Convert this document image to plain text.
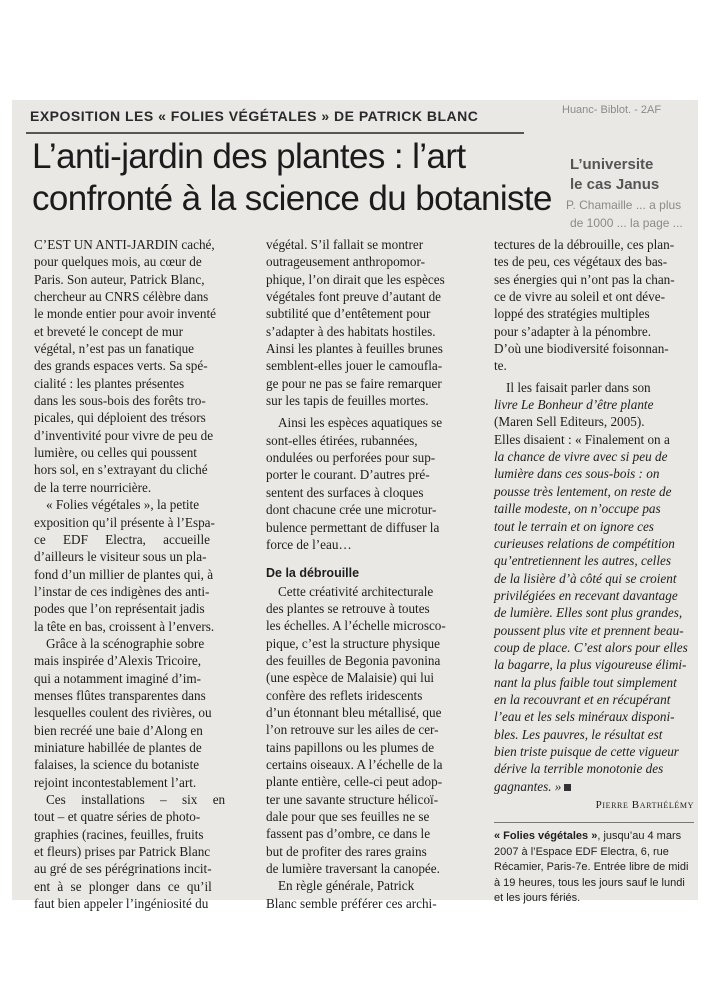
Huanc- Biblot. - 2AF
L’universite
le cas Janus
P. Chamaille ... a plus
de 1000 ... la page ...
EXPOSITION LES « FOLIES VÉGÉTALES » DE PATRICK BLANC
L’anti-jardin des plantes : l’art
confronté à la science du botaniste
C’EST UN ANTI-JARDIN caché,
pour quelques mois, au cœur de
Paris. Son auteur, Patrick Blanc,
chercheur au CNRS célèbre dans
le monde entier pour avoir inventé
et breveté le concept de mur
végétal, n’est pas un fanatique
des grands espaces verts. Sa spé-
cialité : les plantes présentes
dans les sous-bois des forêts tro-
picales, qui déploient des trésors
d’inventivité pour vivre de peu de
lumière, ou celles qui poussent
hors sol, en s’extrayant du cliché
de la terre nourricière.
« Folies végétales », la petite
exposition qu’il présente à l’Espa-
ce EDF Electra, accueille
d’ailleurs le visiteur sous un pla-
fond d’un millier de plantes qui, à
l’instar de ces indigènes des anti-
podes que l’on représentait jadis
la tête en bas, croissent à l’envers.
Grâce à la scénographie sobre
mais inspirée d’Alexis Tricoire,
qui a notamment imaginé d’im-
menses flûtes transparentes dans
lesquelles coulent des rivières, ou
bien recréé une baie d’Along en
miniature habillée de plantes de
falaises, la science du botaniste
rejoint incontestablement l’art.
Ces installations – six en
tout – et quatre séries de photo-
graphies (racines, feuilles, fruits
et fleurs) prises par Patrick Blanc
au gré de ses pérégrinations incit-
ent à se plonger dans ce qu’il
faut bien appeler l’ingéniosité du
végétal. S’il fallait se montrer
outrageusement anthropomor-
phique, l’on dirait que les espèces
végétales font preuve d’autant de
subtilité que d’entêtement pour
s’adapter à des habitats hostiles.
Ainsi les plantes à feuilles brunes
semblent-elles jouer le camoufla-
ge pour ne pas se faire remarquer
sur les tapis de feuilles mortes.
Ainsi les espèces aquatiques se
sont-elles étirées, rubannées,
ondulées ou perforées pour sup-
porter le courant. D’autres pré-
sentent des surfaces à cloques
dont chacune crée une microtur-
bulence permettant de diffuser la
force de l’eau…
De la débrouille
Cette créativité architecturale
des plantes se retrouve à toutes
les échelles. A l’échelle microsco-
pique, c’est la structure physique
des feuilles de Begonia pavonina
(une espèce de Malaisie) qui lui
confère des reflets iridescents
d’un étonnant bleu métallisé, que
l’on retrouve sur les ailes de cer-
tains papillons ou les plumes de
certains oiseaux. A l’échelle de la
plante entière, celle-ci peut adop-
ter une savante structure hélicoï-
dale pour que ses feuilles ne se
fassent pas d’ombre, ce dans le
but de profiter des rares grains
de lumière traversant la canopée.
En règle générale, Patrick
Blanc semble préférer ces archi-
tectures de la débrouille, ces plan-
tes de peu, ces végétaux des bas-
ses énergies qui n’ont pas la chan-
ce de vivre au soleil et ont déve-
loppé des stratégies multiples
pour s’adapter à la pénombre.
D’où une biodiversité foisonnan-
te.
Il les faisait parler dans son
livre Le Bonheur d’être plante
(Maren Sell Editeurs, 2005).
Elles disaient : « Finalement on a
la chance de vivre avec si peu de
lumière dans ces sous-bois : on
pousse très lentement, on reste de
taille modeste, on n’occupe pas
tout le terrain et on ignore ces
curieuses relations de compétition
qu’entretiennent les autres, celles
de la lisière d’à côté qui se croient
privilégiées en recevant davantage
de lumière. Elles sont plus grandes,
poussent plus vite et prennent beau-
coup de place. C’est alors pour elles
la bagarre, la plus vigoureuse élimi-
nant la plus faible tout simplement
en la recouvrant et en récupérant
l’eau et les sels minéraux disponi-
bles. Les pauvres, le résultat est
bien triste puisque de cette vigueur
dérive la terrible monotonie des
gagnantes. »
Pierre Barthélémy
« Folies végétales », jusqu’au 4 mars
2007 à l’Espace EDF Electra, 6, rue
Récamier, Paris-7e. Entrée libre de midi
à 19 heures, tous les jours sauf le lundi
et les jours fériés.
